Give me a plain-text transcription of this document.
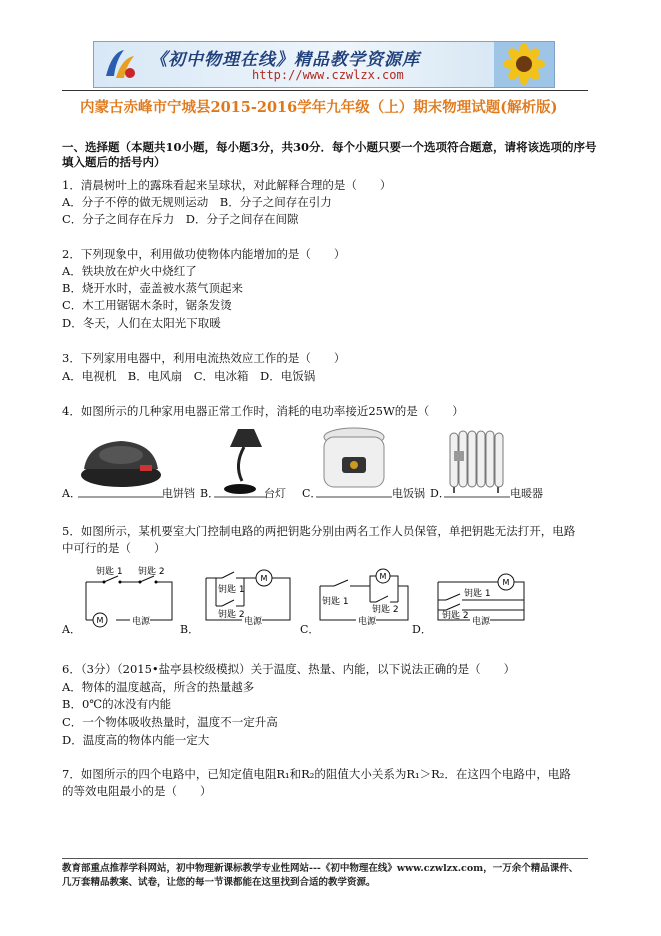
《初中物理在线》精品教学资源库
http://www.czwlzx.com
内蒙古赤峰市宁城县2015-2016学年九年级（上）期末物理试题(解析版)
一、选择题（本题共10小题，每小题3分，共30分．每个小题只要一个选项符合题意，请将该选项的序号填入题后的括号内）
1．清晨树叶上的露珠看起来呈球状，对此解释合理的是（　　）
A．分子不停的做无规则运动　B．分子之间存在引力
C．分子之间存在斥力　D．分子之间存在间隙
2．下列现象中，利用做功使物体内能增加的是（　　）
A．铁块放在炉火中烧红了
B．烧开水时，壶盖被水蒸气顶起来
C．木工用锯锯木条时，锯条发烫
D．冬天，人们在太阳光下取暖
3．下列家用电器中，利用电流热效应工作的是（　　）
A．电视机　B．电风扇　C．电冰箱　D．电饭锅
4．如图所示的几种家用电器正常工作时，消耗的电功率接近25W的是（　　）
A．	电饼铛 B．	台灯 C．	电饭锅 D．	电暖器
5．如图所示，某机要室大门控制电路的两把钥匙分别由两名工作人员保管，单把钥匙无法打开，电路
中可行的是（　　）
A．
钥匙 1 钥匙 2
M	电源
B．
钥匙 1
钥匙 2
M
电源
C．
钥匙 1
M
钥匙 2
电源
D．
M
钥匙 1
钥匙 2
电源
6．（3分）（2015•盐亭县校级模拟）关于温度、热量、内能，以下说法正确的是（　　）
A．物体的温度越高，所含的热量越多
B．0℃的冰没有内能
C．一个物体吸收热量时，温度不一定升高
D．温度高的物体内能一定大
7．如图所示的四个电路中，已知定值电阻R₁和R₂的阻值大小关系为R₁＞R₂．在这四个电路中，电路
的等效电阻最小的是（　　）
教育部重点推荐学科网站，初中物理新课标教学专业性网站---《初中物理在线》www.czwlzx.com，一万余个精品课件、
几万套精品教案、试卷，让您的每一节课都能在这里找到合适的教学资源。
